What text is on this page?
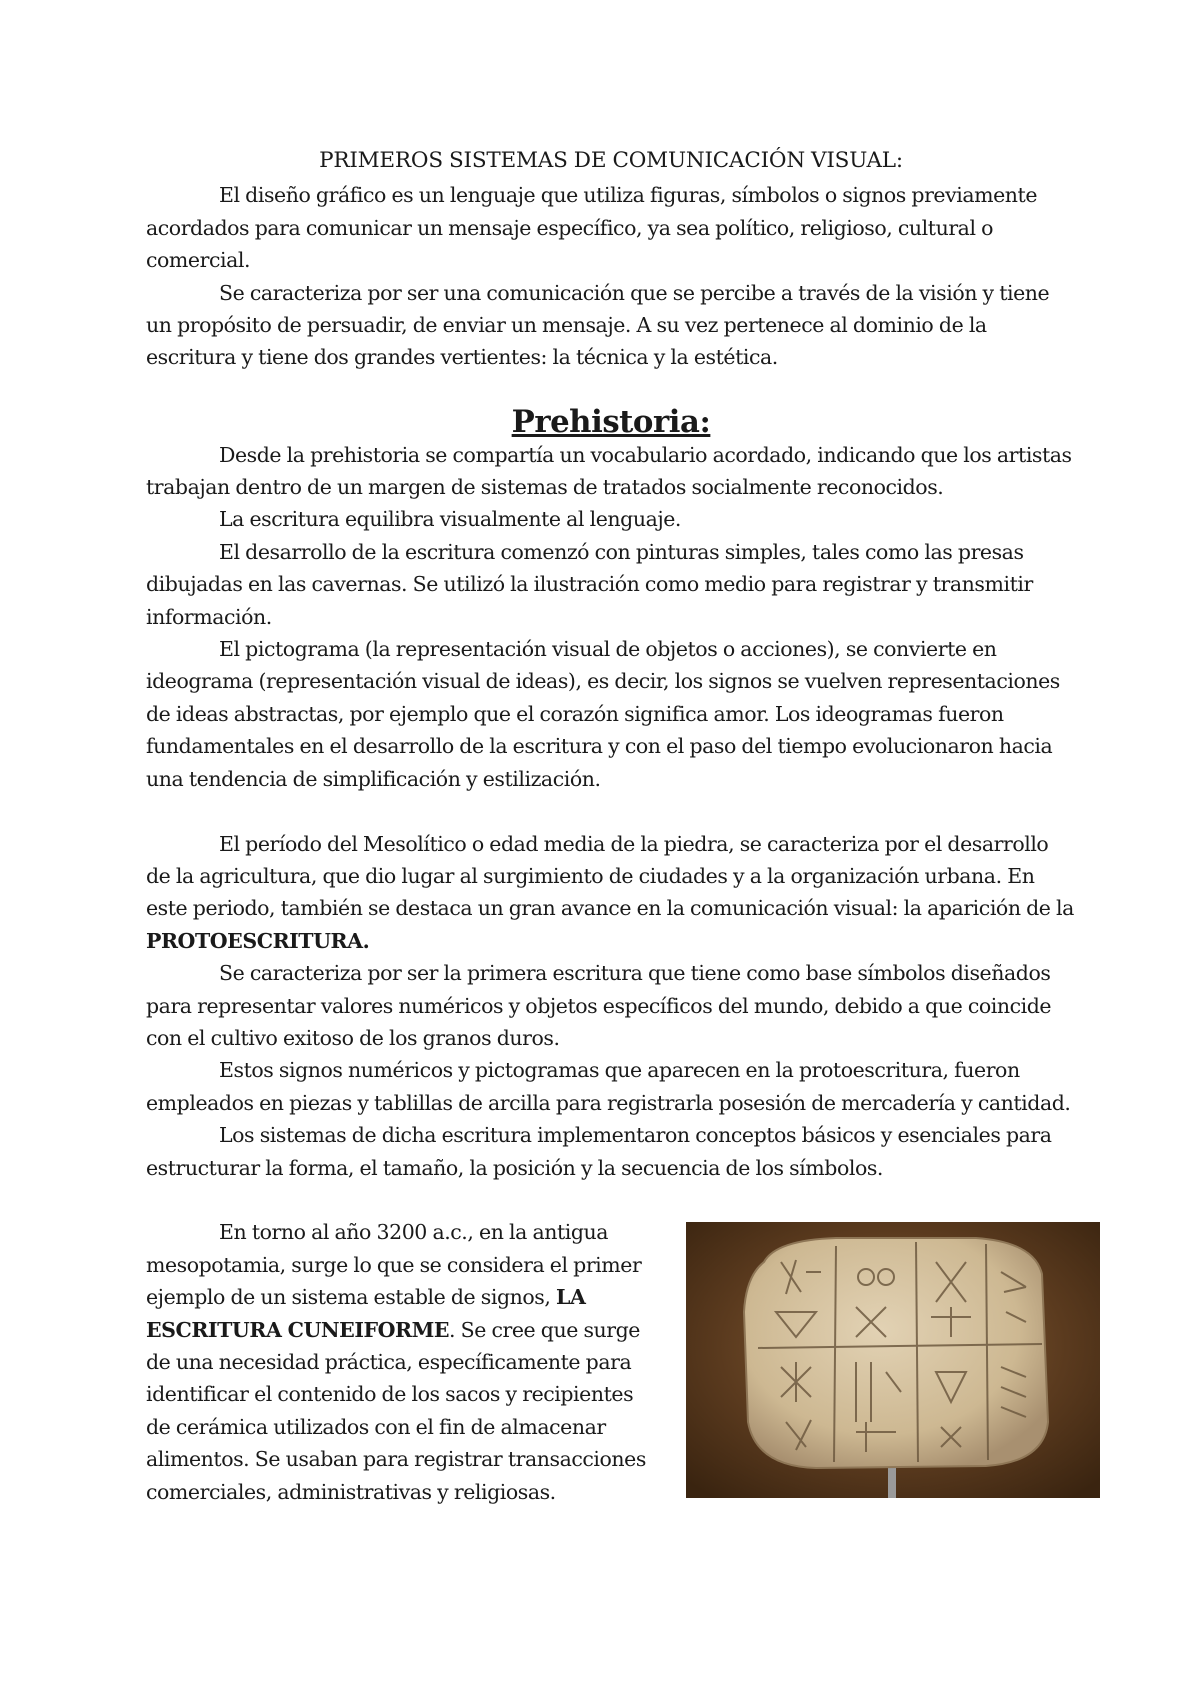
PRIMEROS SISTEMAS DE COMUNICACIÓN VISUAL:

El diseño gráfico es un lenguaje que utiliza figuras, símbolos o signos previamente acordados para comunicar un mensaje específico, ya sea político, religioso, cultural o comercial.

Se caracteriza por ser una comunicación que se percibe a través de la visión y tiene un propósito de persuadir, de enviar un mensaje. A su vez pertenece al dominio de la escritura y tiene dos grandes vertientes: la técnica y la estética.

Prehistoria:

Desde la prehistoria se compartía un vocabulario acordado, indicando que los artistas trabajan dentro de un margen de sistemas de tratados socialmente reconocidos.

La escritura equilibra visualmente al lenguaje.

El desarrollo de la escritura comenzó con pinturas simples, tales como las presas dibujadas en las cavernas. Se utilizó la ilustración como medio para registrar y transmitir información.

El pictograma (la representación visual de objetos o acciones), se convierte en ideograma (representación visual de ideas), es decir, los signos se vuelven representaciones de ideas abstractas, por ejemplo que el corazón significa amor. Los ideogramas fueron fundamentales en el desarrollo de la escritura y con el paso del tiempo evolucionaron hacia una tendencia de simplificación y estilización.

El período del Mesolítico o edad media de la piedra, se caracteriza por el desarrollo de la agricultura, que dio lugar al surgimiento de ciudades y a la organización urbana. En este periodo, también se destaca un gran avance en la comunicación visual: la aparición de la PROTOESCRITURA.

Se caracteriza por ser la primera escritura que tiene como base símbolos diseñados para representar valores numéricos y objetos específicos del mundo, debido a que coincide con el cultivo exitoso de los granos duros.

Estos signos numéricos y pictogramas que aparecen en la protoescritura, fueron empleados en piezas y tablillas de arcilla para registrarla posesión de mercadería y cantidad.

Los sistemas de dicha escritura implementaron conceptos básicos y esenciales para estructurar la forma, el tamaño, la posición y la secuencia de los símbolos.

En torno al año 3200 a.c., en la antigua mesopotamia, surge lo que se considera el primer ejemplo de un sistema estable de signos, LA ESCRITURA CUNEIFORME. Se cree que surge de una necesidad práctica, específicamente para identificar el contenido de los sacos y recipientes de cerámica utilizados con el fin de almacenar alimentos. Se usaban para registrar transacciones comerciales, administrativas y religiosas.
